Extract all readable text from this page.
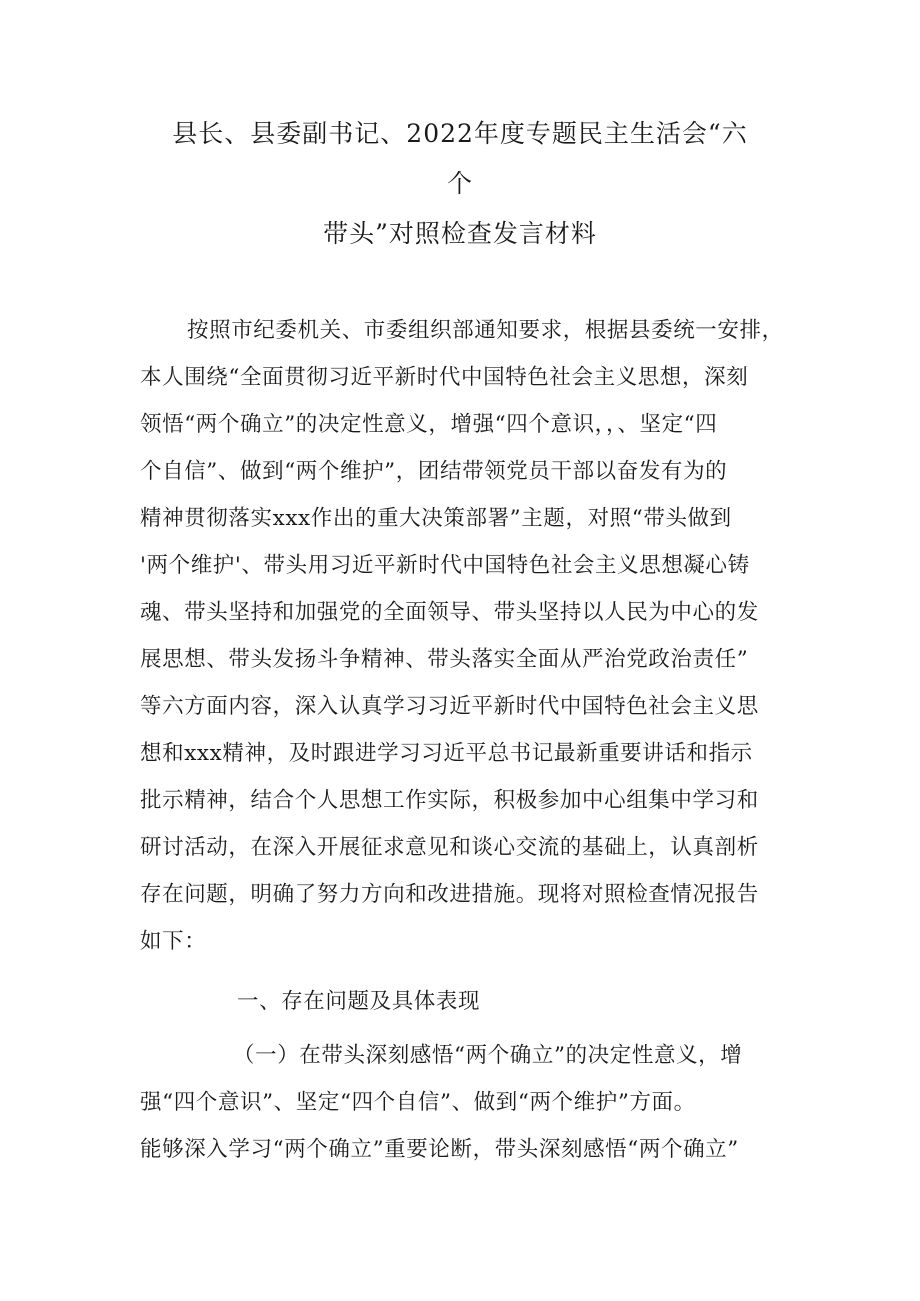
县长、县委副书记、2022年度专题民主生活会“六
个
带头”对照检查发言材料
按照市纪委机关、市委组织部通知要求，根据县委统一安排，
本人围绕“全面贯彻习近平新时代中国特色社会主义思想，深刻
领悟“两个确立”的决定性意义，增强“四个意识，，、坚定“四
个自信”、做到“两个维护”，团结带领党员干部以奋发有为的
精神贯彻落实xxx作出的重大决策部署”主题，对照“带头做到
'两个维护'、带头用习近平新时代中国特色社会主义思想凝心铸
魂、带头坚持和加强党的全面领导、带头坚持以人民为中心的发
展思想、带头发扬斗争精神、带头落实全面从严治党政治责任”
等六方面内容，深入认真学习习近平新时代中国特色社会主义思
想和xxx精神，及时跟进学习习近平总书记最新重要讲话和指示
批示精神，结合个人思想工作实际，积极参加中心组集中学习和
研讨活动，在深入开展征求意见和谈心交流的基础上，认真剖析
存在问题，明确了努力方向和改进措施。现将对照检查情况报告
如下：
一、存在问题及具体表现
（一）在带头深刻感悟“两个确立”的决定性意义，增
强“四个意识”、坚定“四个自信”、做到“两个维护”方面。
能够深入学习“两个确立”重要论断，带头深刻感悟“两个确立”
